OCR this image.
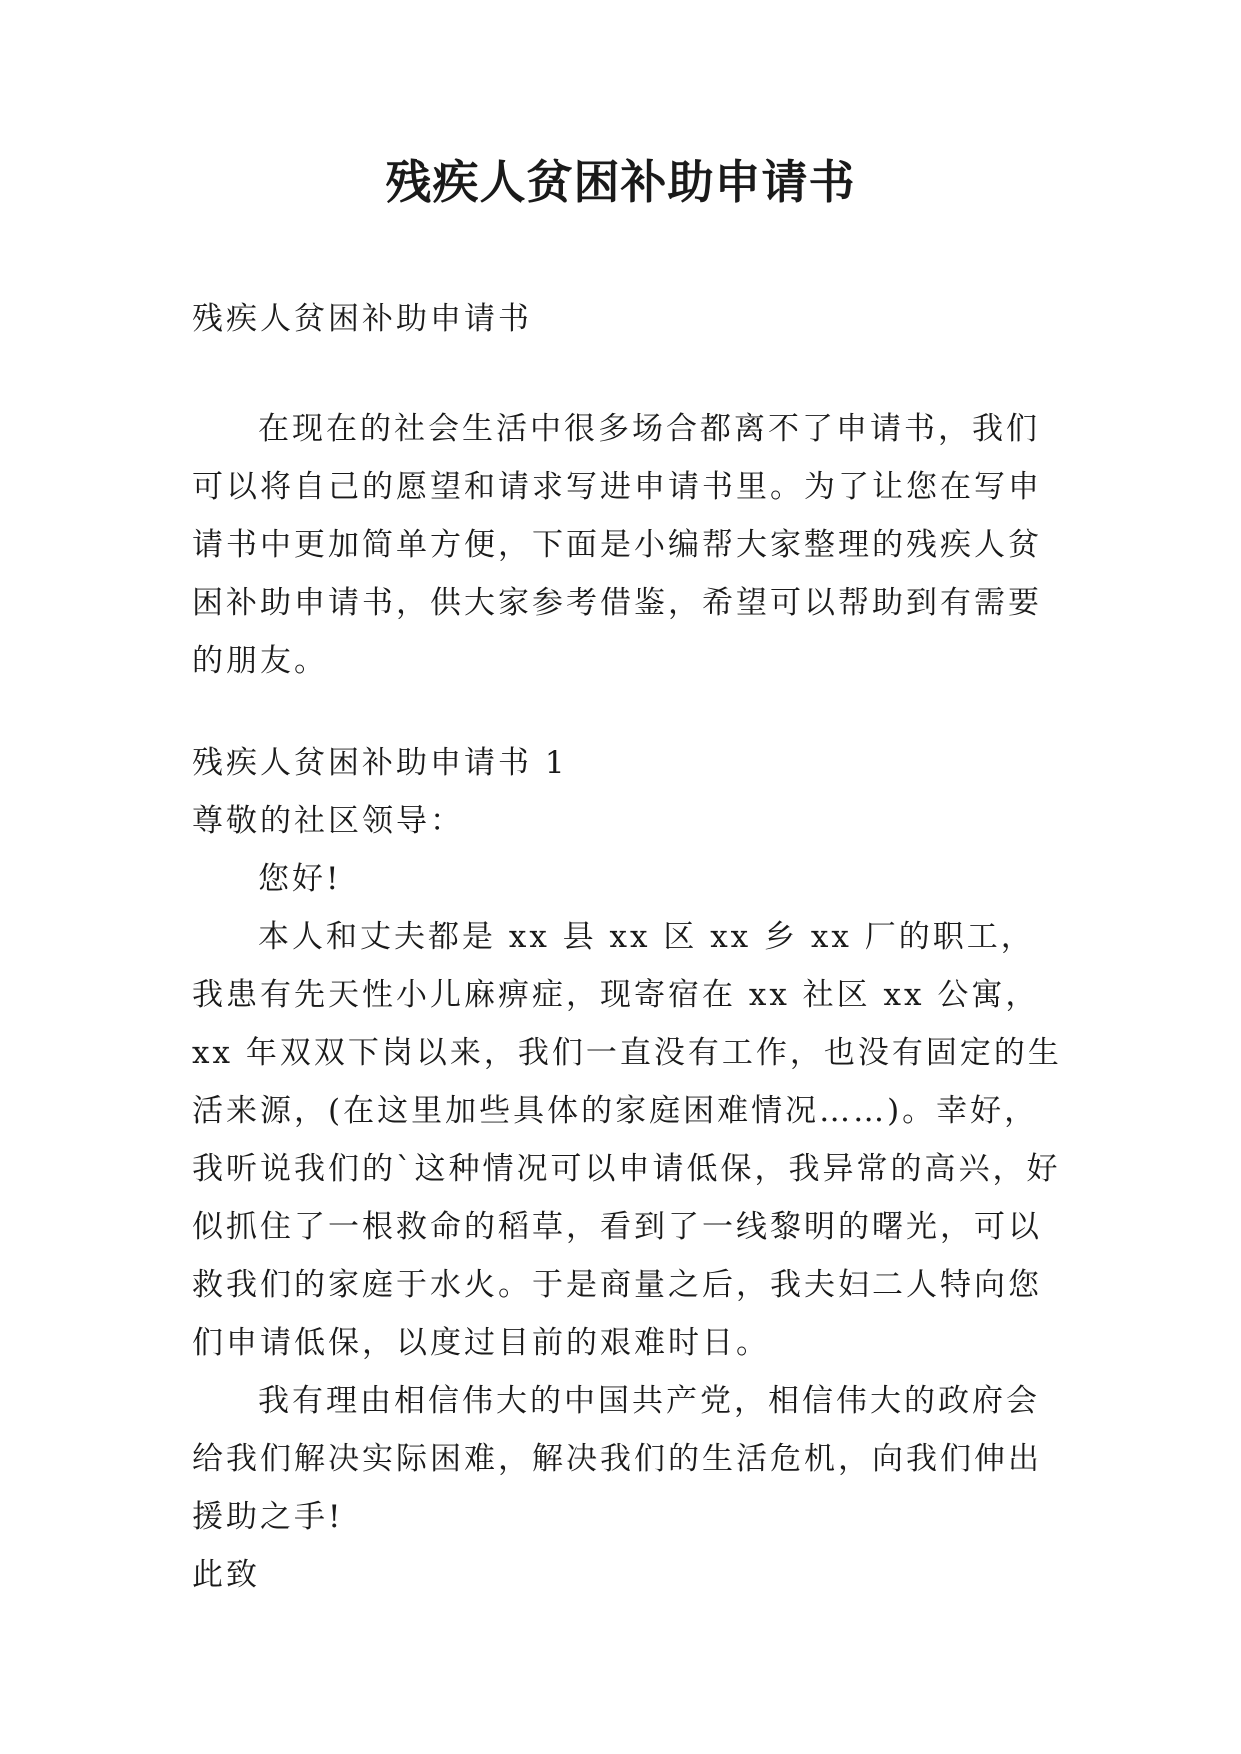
残疾人贫困补助申请书

残疾人贫困补助申请书

在现在的社会生活中很多场合都离不了申请书，我们可以将自己的愿望和请求写进申请书里。为了让您在写申请书中更加简单方便，下面是小编帮大家整理的残疾人贫困补助申请书，供大家参考借鉴，希望可以帮助到有需要的朋友。

残疾人贫困补助申请书 1

尊敬的社区领导：

您好!

本人和丈夫都是 xx 县 xx 区 xx 乡 xx 厂的职工，我患有先天性小儿麻痹症，现寄宿在 xx 社区 xx 公寓，xx 年双双下岗以来，我们一直没有工作，也没有固定的生活来源，(在这里加些具体的家庭困难情况……)。幸好，我听说我们的`这种情况可以申请低保，我异常的高兴，好似抓住了一根救命的稻草，看到了一线黎明的曙光，可以救我们的家庭于水火。于是商量之后，我夫妇二人特向您们申请低保，以度过目前的艰难时日。

我有理由相信伟大的中国共产党，相信伟大的政府会给我们解决实际困难，解决我们的生活危机，向我们伸出援助之手!

此致
